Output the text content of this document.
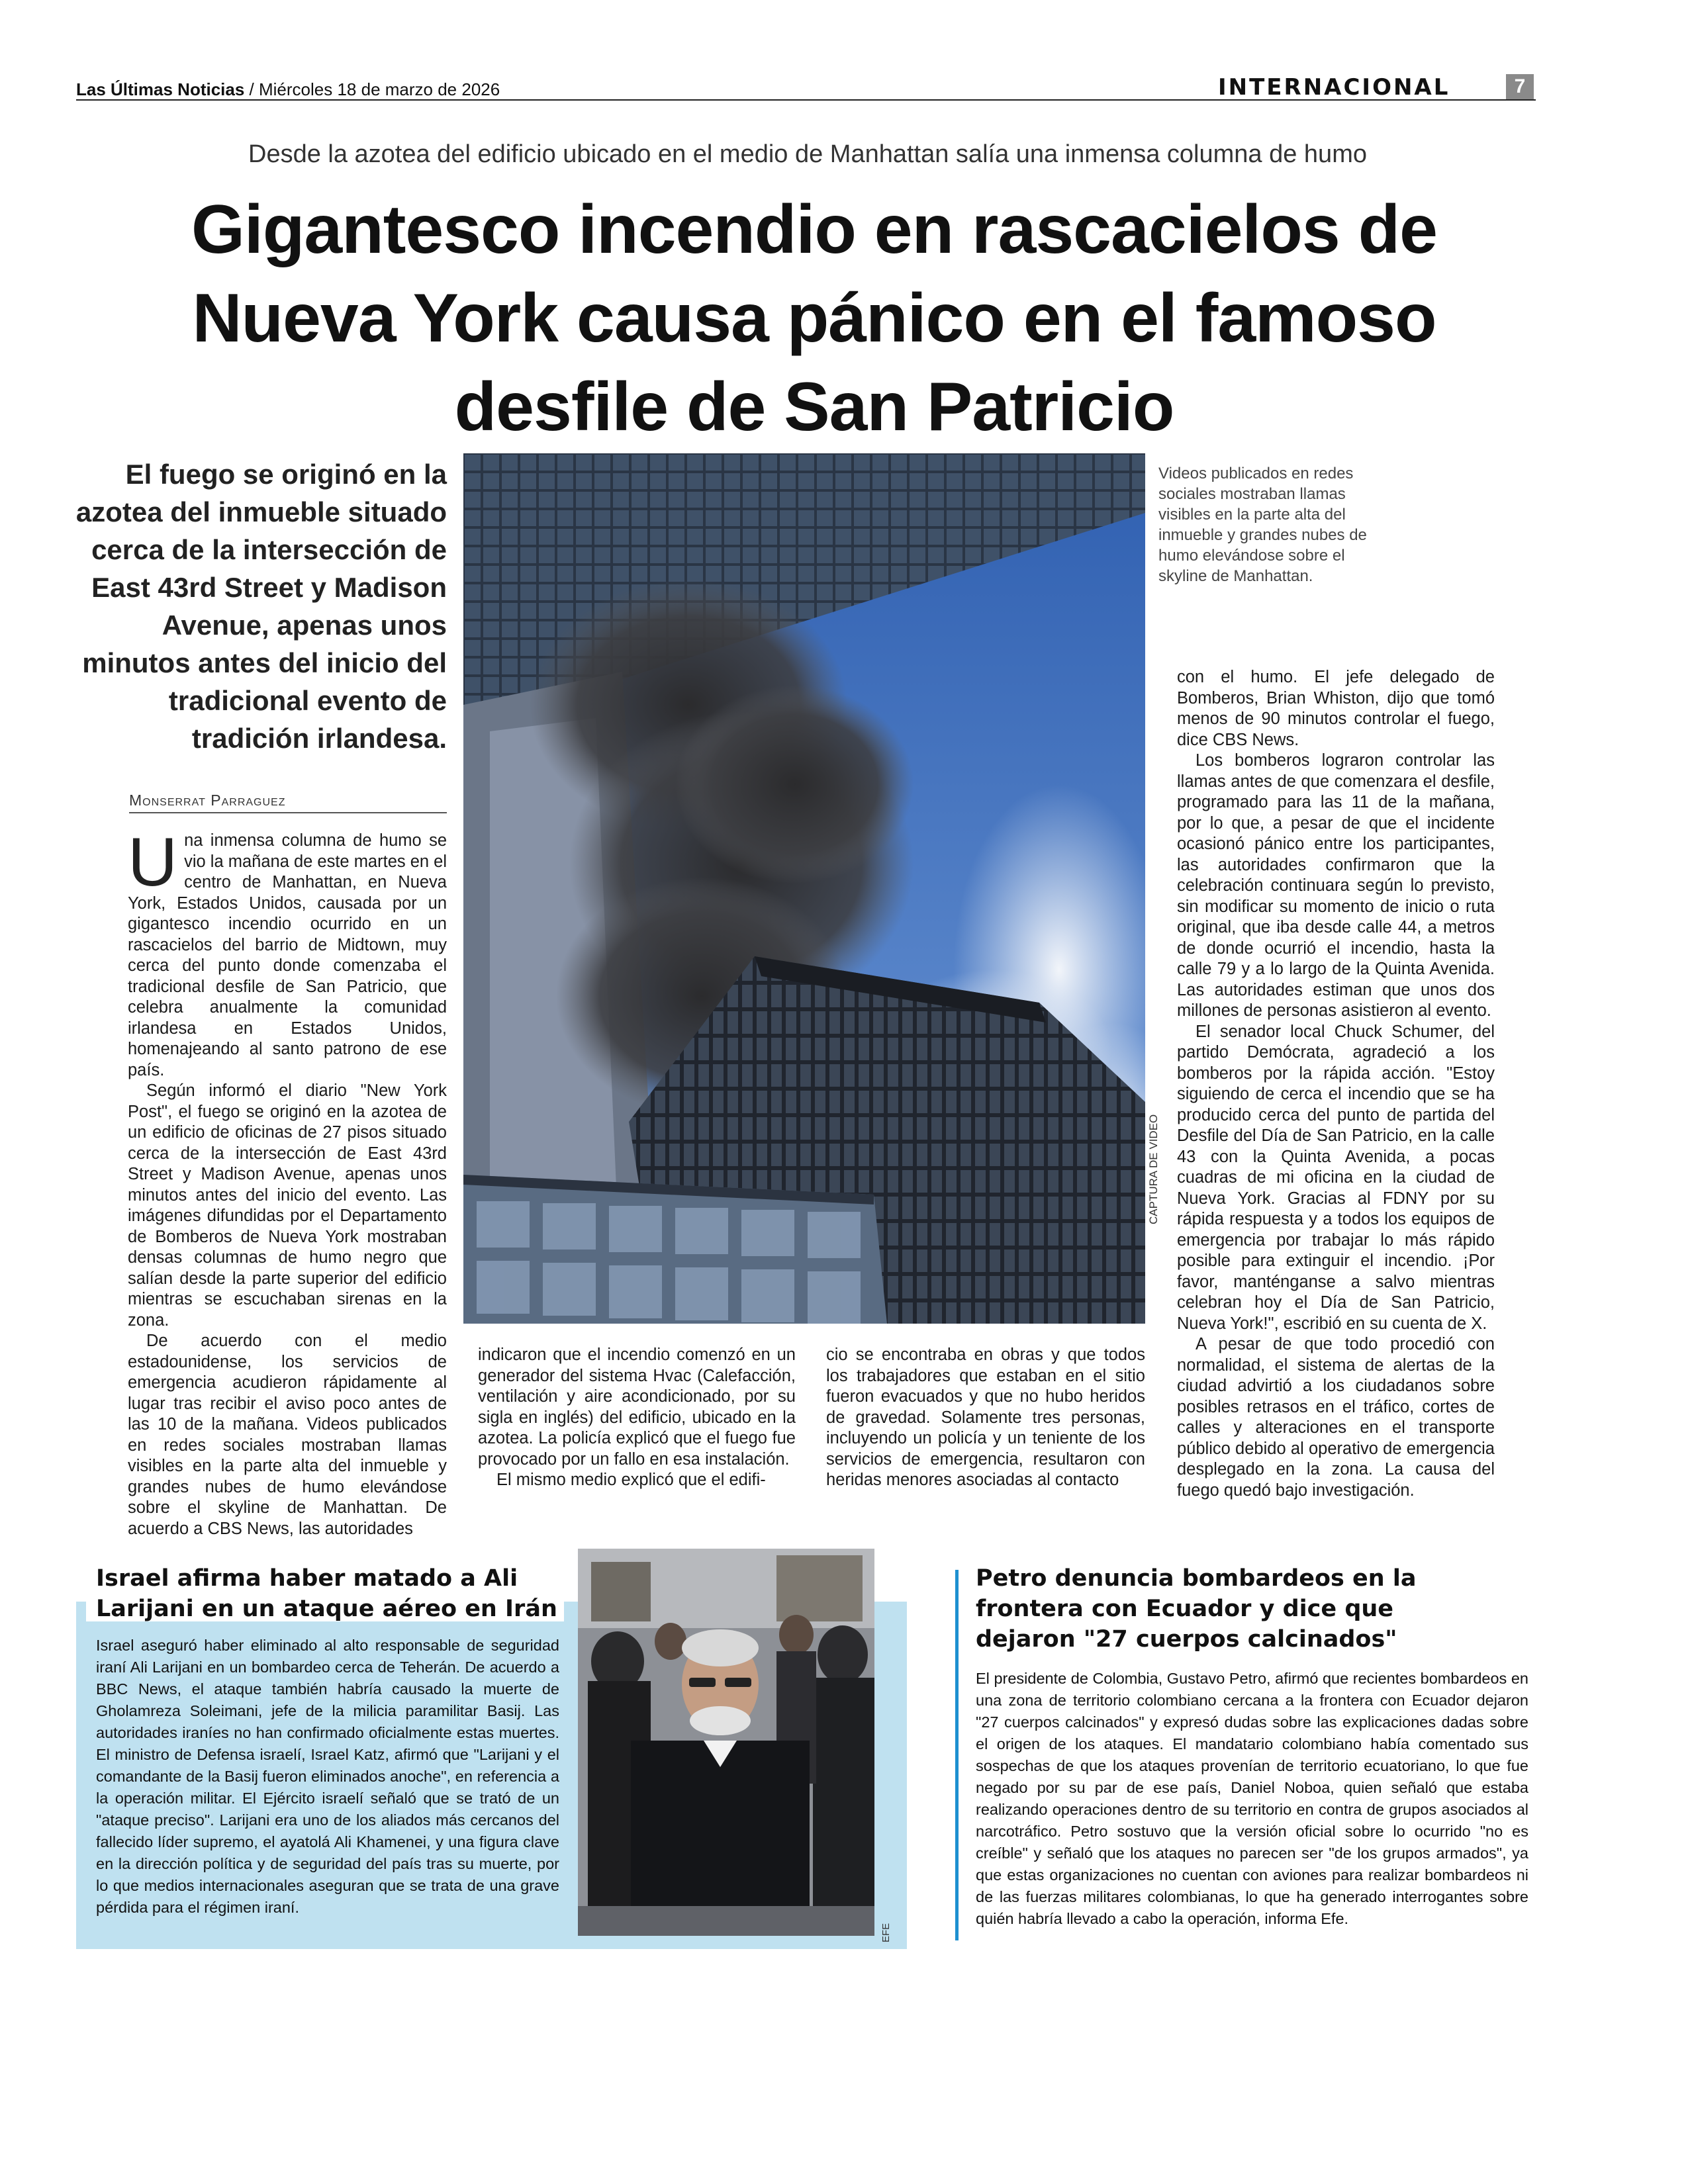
Las Últimas Noticias / Miércoles 18 de marzo de 2026	INTERNACIONAL	7
Desde la azotea del edificio ubicado en el medio de Manhattan salía una inmensa columna de humo
Gigantesco incendio en rascacielos de Nueva York causa pánico en el famoso desfile de San Patricio
El fuego se originó en la azotea del inmueble situado cerca de la intersección de East 43rd Street y Madison Avenue, apenas unos minutos antes del inicio del tradicional evento de tradición irlandesa.
Monserrat Parraguez

Una inmensa columna de humo se vio la mañana de este martes en el centro de Manhattan, en Nueva York, Estados Unidos, causada por un gigantesco incendio ocurrido en un rascacielos del barrio de Midtown, muy cerca del punto donde comenzaba el tradicional desfile de San Patricio, que celebra anualmente la comunidad irlandesa en Estados Unidos, homenajeando al santo patrono de ese país.

Según informó el diario "New York Post", el fuego se originó en la azotea de un edificio de oficinas de 27 pisos situado cerca de la intersección de East 43rd Street y Madison Avenue, apenas unos minutos antes del inicio del evento. Las imágenes difundidas por el Departamento de Bomberos de Nueva York mostraban densas columnas de humo negro que salían desde la parte superior del edificio mientras se escuchaban sirenas en la zona.

De acuerdo con el medio estadounidense, los servicios de emergencia acudieron rápidamente al lugar tras recibir el aviso poco antes de las 10 de la mañana. Videos publicados en redes sociales mostraban llamas visibles en la parte alta del inmueble y grandes nubes de humo elevándose sobre el skyline de Manhattan. De acuerdo a CBS News, las autoridades

CAPTURA DE VIDEO
Videos publicados en redes sociales mostraban llamas visibles en la parte alta del inmueble y grandes nubes de humo elevándose sobre el skyline de Manhattan.

indicaron que el incendio comenzó en un generador del sistema Hvac (Calefacción, ventilación y aire acondicionado, por su sigla en inglés) del edificio, ubicado en la azotea. La policía explicó que el fuego fue provocado por un fallo en esa instalación.

El mismo medio explicó que el edifi-

cio se encontraba en obras y que todos los trabajadores que estaban en el sitio fueron evacuados y que no hubo heridos de gravedad. Solamente tres personas, incluyendo un policía y un teniente de los servicios de emergencia, resultaron con heridas menores asociadas al contacto

con el humo. El jefe delegado de Bomberos, Brian Whiston, dijo que tomó menos de 90 minutos controlar el fuego, dice CBS News.

Los bomberos lograron controlar las llamas antes de que comenzara el desfile, programado para las 11 de la mañana, por lo que, a pesar de que el incidente ocasionó pánico entre los participantes, las autoridades confirmaron que la celebración continuara según lo previsto, sin modificar su momento de inicio o ruta original, que iba desde calle 44, a metros de donde ocurrió el incendio, hasta la calle 79 y a lo largo de la Quinta Avenida. Las autoridades estiman que unos dos millones de personas asistieron al evento.

El senador local Chuck Schumer, del partido Demócrata, agradeció a los bomberos por la rápida acción. "Estoy siguiendo de cerca el incendio que se ha producido cerca del punto de partida del Desfile del Día de San Patricio, en la calle 43 con la Quinta Avenida, a pocas cuadras de mi oficina en la ciudad de Nueva York. Gracias al FDNY por su rápida respuesta y a todos los equipos de emergencia por trabajar lo más rápido posible para extinguir el incendio. ¡Por favor, manténganse a salvo mientras celebran hoy el Día de San Patricio, Nueva York!", escribió en su cuenta de X.

A pesar de que todo procedió con normalidad, el sistema de alertas de la ciudad advirtió a los ciudadanos sobre posibles retrasos en el tráfico, cortes de calles y alteraciones en el transporte público debido al operativo de emergencia desplegado en la zona. La causa del fuego quedó bajo investigación.

Israel afirma haber matado a Ali Larijani en un ataque aéreo en Irán
Israel aseguró haber eliminado al alto responsable de seguridad iraní Ali Larijani en un bombardeo cerca de Teherán. De acuerdo a BBC News, el ataque también habría causado la muerte de Gholamreza Soleimani, jefe de la milicia paramilitar Basij. Las autoridades iraníes no han confirmado oficialmente estas muertes. El ministro de Defensa israelí, Israel Katz, afirmó que "Larijani y el comandante de la Basij fueron eliminados anoche", en referencia a la operación militar. El Ejército israelí señaló que se trató de un "ataque preciso". Larijani era uno de los aliados más cercanos del fallecido líder supremo, el ayatolá Ali Khamenei, y una figura clave en la dirección política y de seguridad del país tras su muerte, por lo que medios internacionales aseguran que se trata de una grave pérdida para el régimen iraní.
EFE
Petro denuncia bombardeos en la frontera con Ecuador y dice que dejaron "27 cuerpos calcinados"
El presidente de Colombia, Gustavo Petro, afirmó que recientes bombardeos en una zona de territorio colombiano cercana a la frontera con Ecuador dejaron "27 cuerpos calcinados" y expresó dudas sobre las explicaciones dadas sobre el origen de los ataques. El mandatario colombiano había comentado sus sospechas de que los ataques provenían de territorio ecuatoriano, lo que fue negado por su par de ese país, Daniel Noboa, quien señaló que estaba realizando operaciones dentro de su territorio en contra de grupos asociados al narcotráfico. Petro sostuvo que la versión oficial sobre lo ocurrido "no es creíble" y señaló que los ataques no parecen ser "de los grupos armados", ya que estas organizaciones no cuentan con aviones para realizar bombardeos ni de las fuerzas militares colombianas, lo que ha generado interrogantes sobre quién habría llevado a cabo la operación, informa Efe.
